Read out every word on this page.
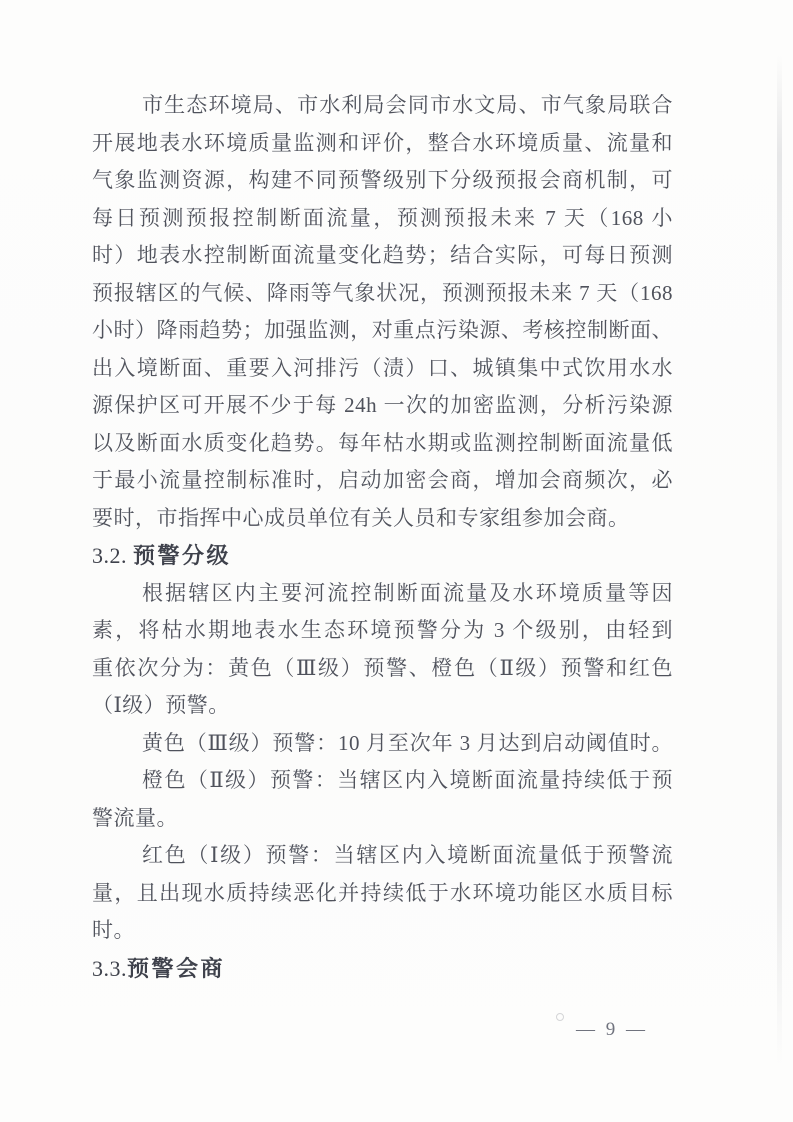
市生态环境局、市水利局会同市水文局、市气象局联合
开展地表水环境质量监测和评价，整合水环境质量、流量和
气象监测资源，构建不同预警级别下分级预报会商机制，可
每日预测预报控制断面流量，预测预报未来 7 天（168 小
时）地表水控制断面流量变化趋势；结合实际，可每日预测
预报辖区的气候、降雨等气象状况，预测预报未来 7 天（168
小时）降雨趋势；加强监测，对重点污染源、考核控制断面、
出入境断面、重要入河排污（渍）口、城镇集中式饮用水水
源保护区可开展不少于每 24h 一次的加密监测，分析污染源
以及断面水质变化趋势。每年枯水期或监测控制断面流量低
于最小流量控制标准时，启动加密会商，增加会商频次，必
要时，市指挥中心成员单位有关人员和专家组参加会商。
3.2. 预警分级
根据辖区内主要河流控制断面流量及水环境质量等因
素，将枯水期地表水生态环境预警分为 3 个级别，由轻到
重依次分为：黄色（Ⅲ级）预警、橙色（Ⅱ级）预警和红色
（Ⅰ级）预警。
黄色（Ⅲ级）预警：10 月至次年 3 月达到启动阈值时。
橙色（Ⅱ级）预警：当辖区内入境断面流量持续低于预
警流量。
红色（Ⅰ级）预警：当辖区内入境断面流量低于预警流
量，且出现水质持续恶化并持续低于水环境功能区水质目标
时。
3.3.预警会商
— 9 —
